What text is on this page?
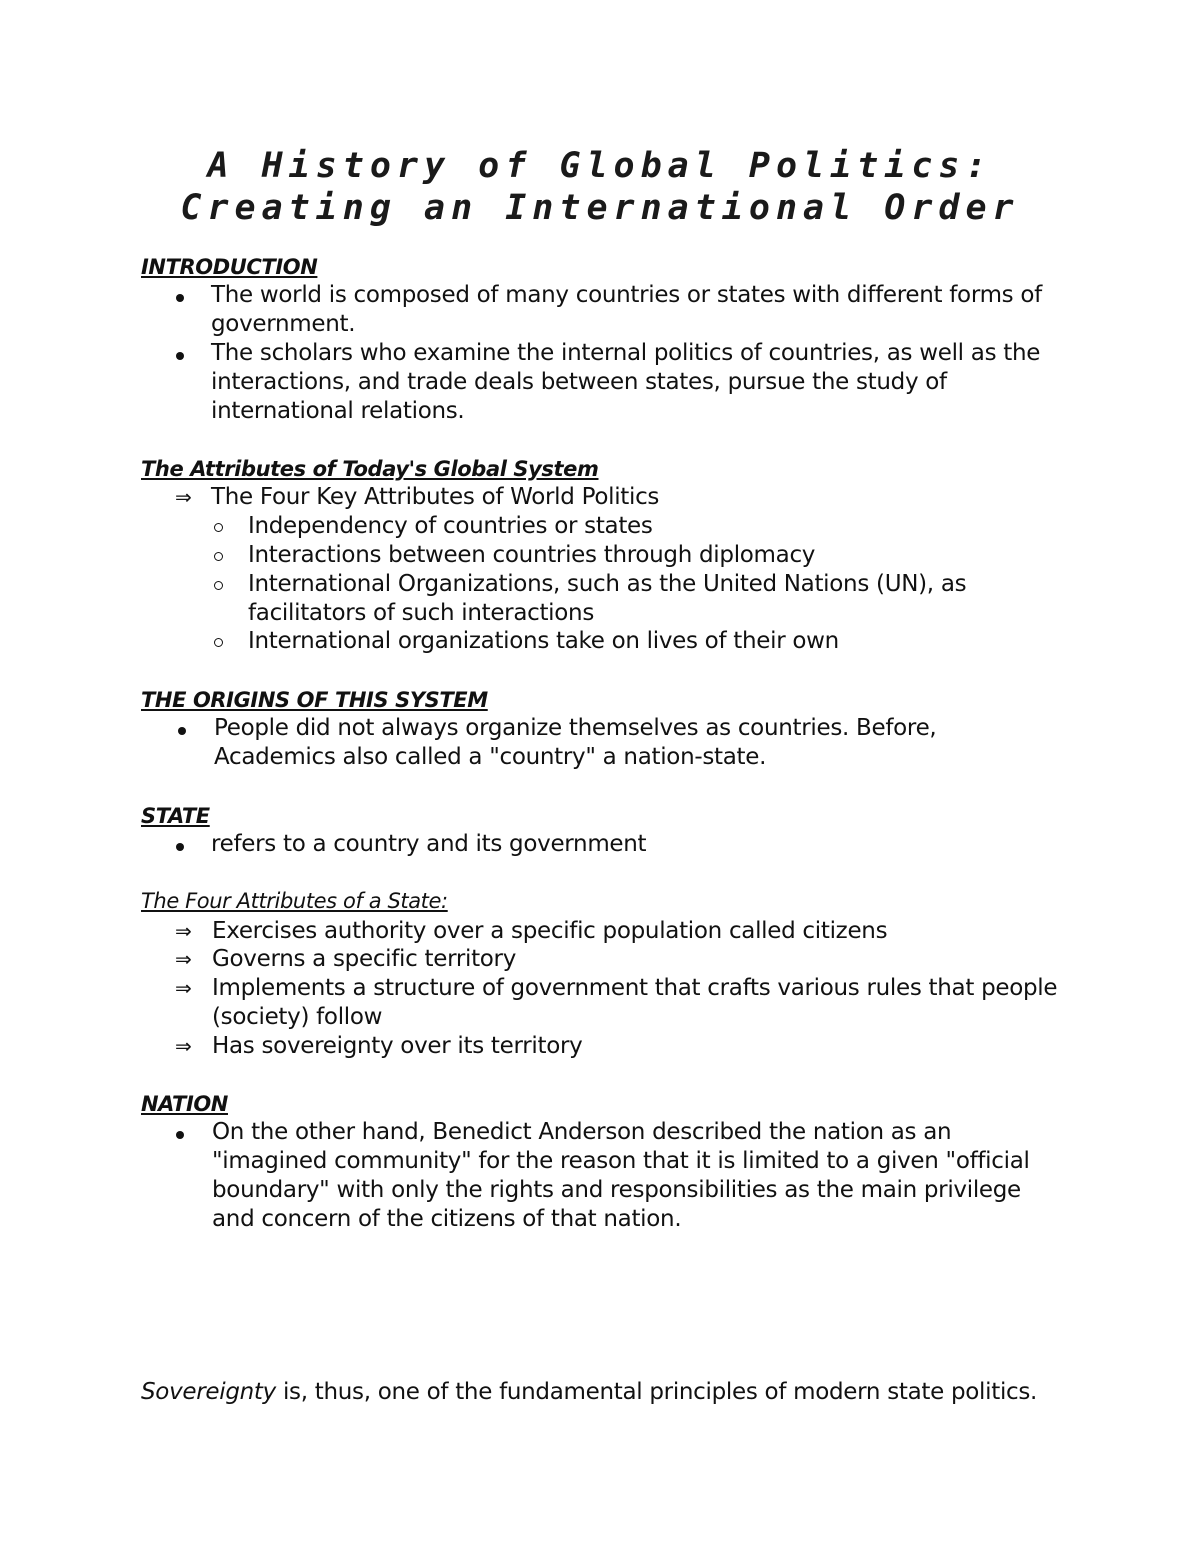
A History of Global Politics:
Creating an International Order
INTRODUCTION
The world is composed of many countries or states with different forms of
government.
The scholars who examine the internal politics of countries, as well as the
interactions, and trade deals between states, pursue the study of
international relations.
The Attributes of Today's Global System
⇒ The Four Key Attributes of World Politics
Independency of countries or states
Interactions between countries through diplomacy
International Organizations, such as the United Nations (UN), as
facilitators of such interactions
International organizations take on lives of their own
THE ORIGINS OF THIS SYSTEM
People did not always organize themselves as countries. Before,
Academics also called a "country" a nation-state.
STATE
refers to a country and its government
The Four Attributes of a State:
⇒ Exercises authority over a specific population called citizens
⇒ Governs a specific territory
⇒ Implements a structure of government that crafts various rules that people
(society) follow
⇒ Has sovereignty over its territory
NATION
On the other hand, Benedict Anderson described the nation as an
"imagined community" for the reason that it is limited to a given "official
boundary" with only the rights and responsibilities as the main privilege
and concern of the citizens of that nation.
Sovereignty is, thus, one of the fundamental principles of modern state politics.
